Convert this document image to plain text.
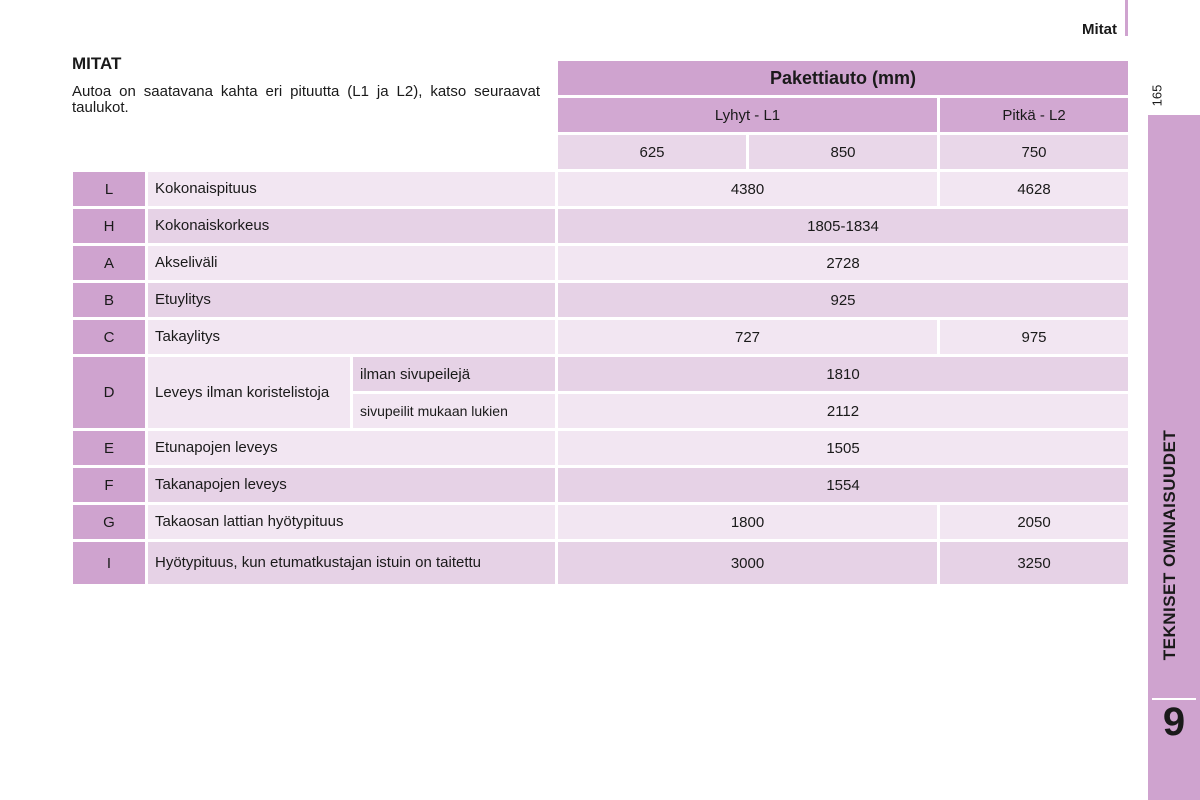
Mitat
165
TEKNISET OMINAISUUDET
9
			Pakettiauto (mm)		
			Lyhyt - L1		Pitkä - L2
			625	850	750
L	Kokonaispituus		4380		4628
H	Kokonaiskorkeus		1805-1834		
A	Akseliväli		2728		
B	Etuylitys		925		
C	Takaylitys		727		975
D	Leveys ilman koristelistoja	ilman sivupeilejä	1810		
		sivupeilit mukaan lukien	2112		
E	Etunapojen leveys		1505		
F	Takanapojen leveys		1554		
G	Takaosan lattian hyötypituus		1800		2050
I	Hyötypituus, kun etumatkustajan istuin on taitettu		3000		3250
MITAT
Autoa on saatavana kahta eri pituutta (L1 ja L2), katso seuraavat taulukot.
